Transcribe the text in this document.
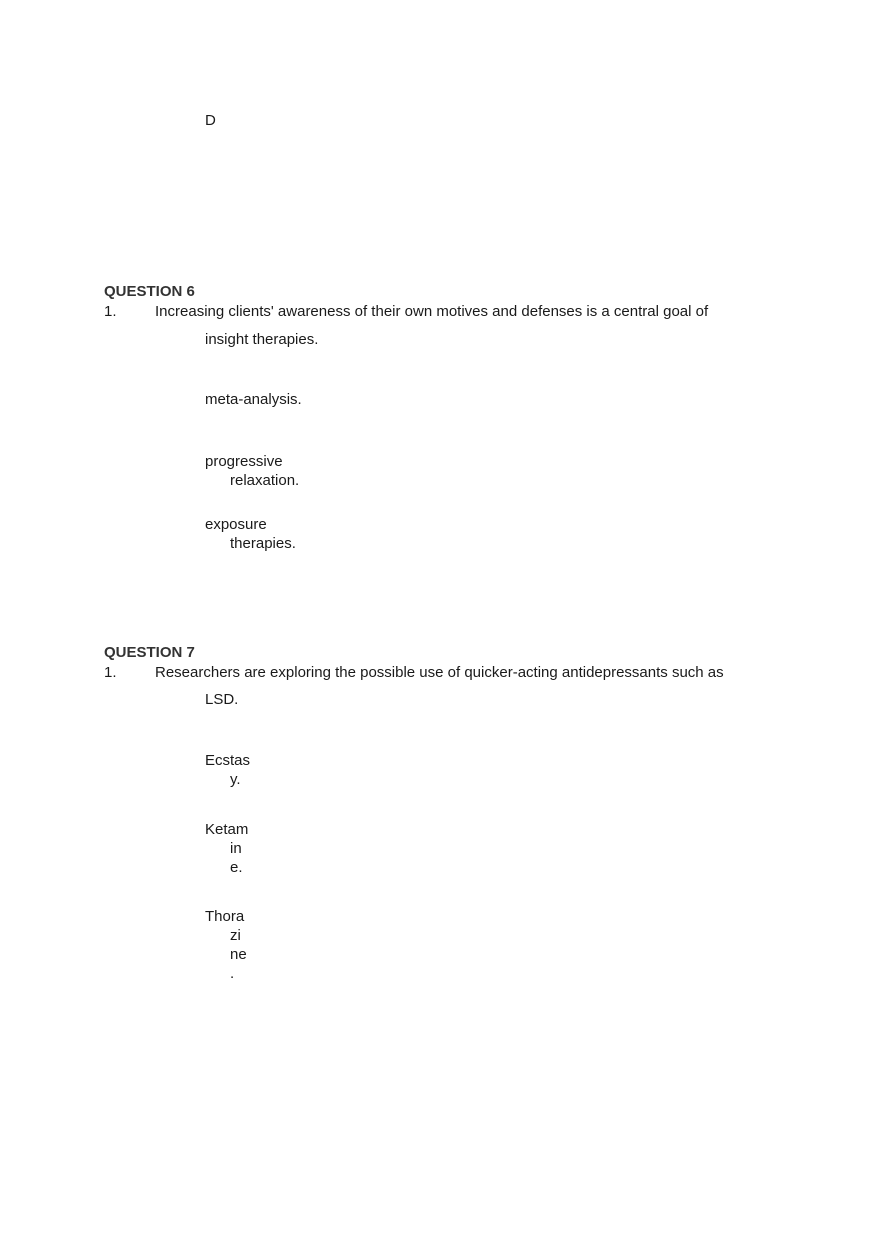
D
QUESTION 6
1.	Increasing clients' awareness of their own motives and defenses is a central goal of
insight therapies.
meta-analysis.
progressive
relaxation.
exposure
therapies.
QUESTION 7
1.	Researchers are exploring the possible use of quicker-acting antidepressants such as
LSD.
Ecstas
y.
Ketam
in
e.
Thora
zi
ne
.
